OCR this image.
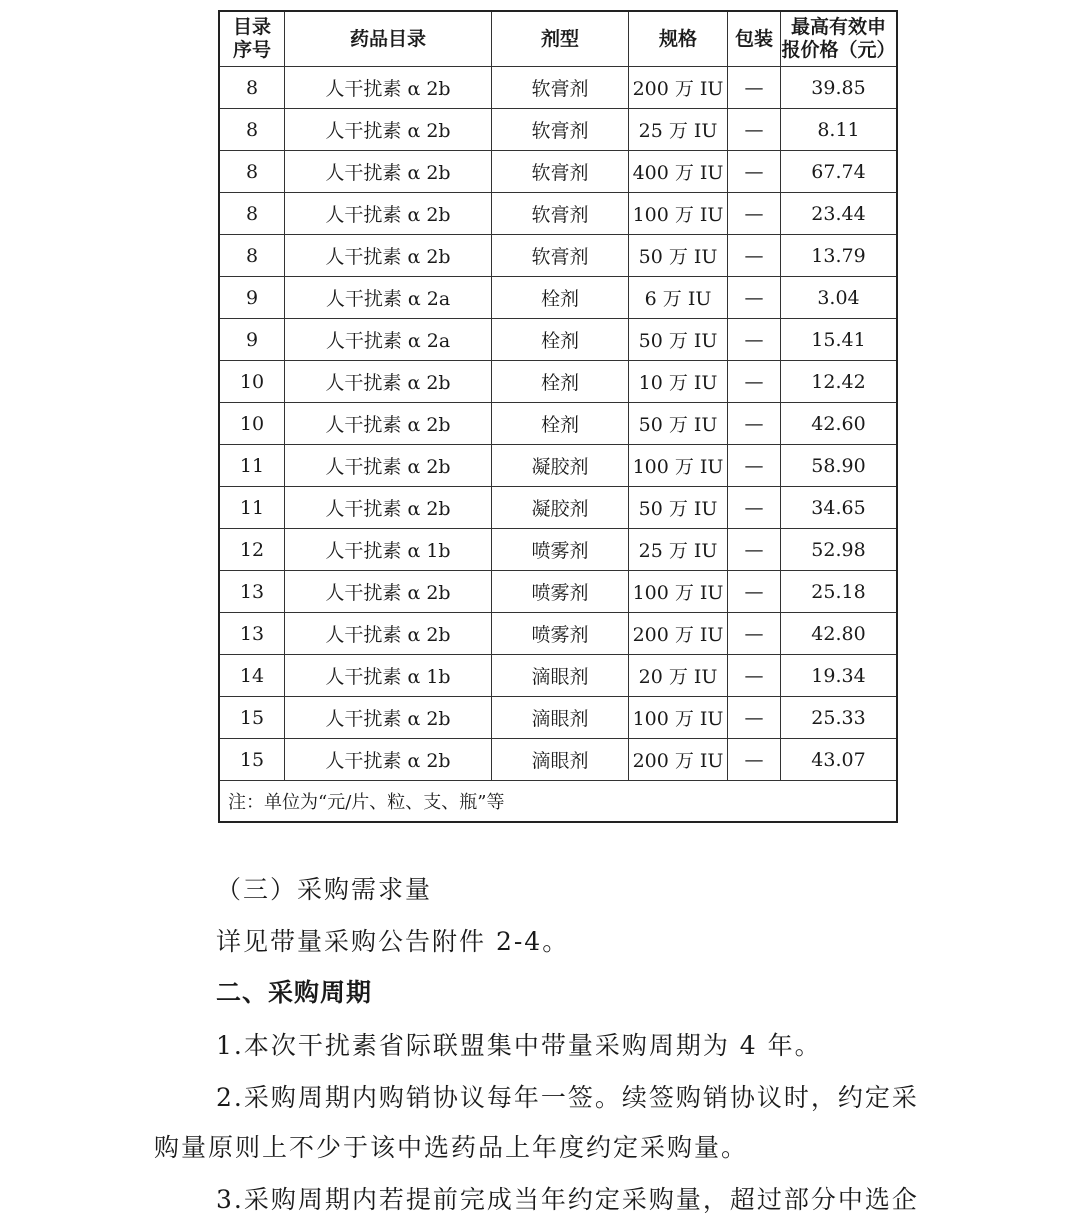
目录
序号	药品目录	剂型	规格	包装	最高有效申
报价格（元）
8	人干扰素 α 2b	软膏剂	200 万 IU	—	39.85
8	人干扰素 α 2b	软膏剂	25 万 IU	—	8.11
8	人干扰素 α 2b	软膏剂	400 万 IU	—	67.74
8	人干扰素 α 2b	软膏剂	100 万 IU	—	23.44
8	人干扰素 α 2b	软膏剂	50 万 IU	—	13.79
9	人干扰素 α 2a	栓剂	6 万 IU	—	3.04
9	人干扰素 α 2a	栓剂	50 万 IU	—	15.41
10	人干扰素 α 2b	栓剂	10 万 IU	—	12.42
10	人干扰素 α 2b	栓剂	50 万 IU	—	42.60
11	人干扰素 α 2b	凝胶剂	100 万 IU	—	58.90
11	人干扰素 α 2b	凝胶剂	50 万 IU	—	34.65
12	人干扰素 α 1b	喷雾剂	25 万 IU	—	52.98
13	人干扰素 α 2b	喷雾剂	100 万 IU	—	25.18
13	人干扰素 α 2b	喷雾剂	200 万 IU	—	42.80
14	人干扰素 α 1b	滴眼剂	20 万 IU	—	19.34
15	人干扰素 α 2b	滴眼剂	100 万 IU	—	25.33
15	人干扰素 α 2b	滴眼剂	200 万 IU	—	43.07
注：单位为“元/片、粒、支、瓶”等					
（三）采购需求量
详见带量采购公告附件 2-4。
二、采购周期
1.本次干扰素省际联盟集中带量采购周期为 4 年。
2.采购周期内购销协议每年一签。续签购销协议时，约定采
购量原则上不少于该中选药品上年度约定采购量。
3.采购周期内若提前完成当年约定采购量，超过部分中选企
